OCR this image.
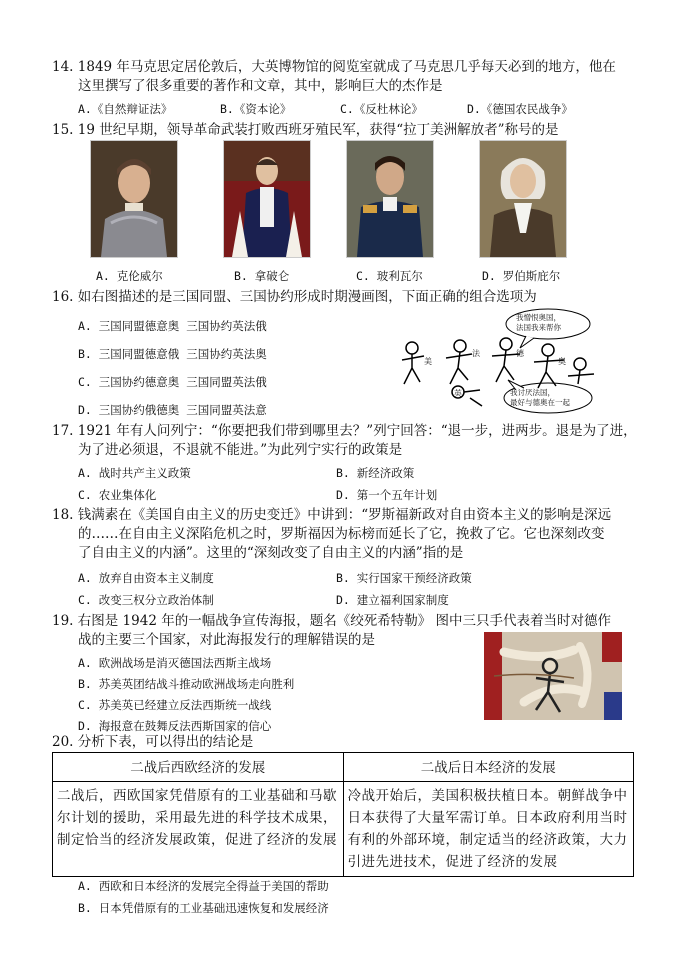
14. 1849 年马克思定居伦敦后，大英博物馆的阅览室就成了马克思几乎每天必到的地方，他在
这里撰写了很多重要的著作和文章，其中，影响巨大的杰作是
A.《自然辩证法》	B.《资本论》	C.《反杜林论》	D.《德国农民战争》
15. 19 世纪早期，领导革命武装打败西班牙殖民军，获得“拉丁美洲解放者”称号的是
A. 克伦威尔	B. 拿破仑	C. 玻利瓦尔	D. 罗伯斯庇尔
16. 如右图描述的是三国同盟、三国协约形成时期漫画图，下面正确的组合选项为
A. 三国同盟德意奥 三国协约英法俄
B. 三国同盟德意俄 三国协约英法奥
C. 三国协约德意奥 三国同盟英法俄
D. 三国协约俄德奥 三国同盟英法意
我憎恨奥国，
法国我来帮你
我讨厌法国，
最好与德奥在一起
美
法	德
奥
英
17. 1921 年有人问列宁：“你要把我们带到哪里去？”列宁回答：“退一步，进两步。退是为了进，
为了进必须退，不退就不能进。”为此列宁实行的政策是
A. 战时共产主义政策	B. 新经济政策
C. 农业集体化	D. 第一个五年计划
18. 钱满素在《美国自由主义的历史变迁》中讲到：“罗斯福新政对自由资本主义的影响是深远
的……在自由主义深陷危机之时，罗斯福因为标榜而延长了它，挽救了它。它也深刻改变
了自由主义的内涵”。这里的“深刻改变了自由主义的内涵”指的是
A. 放弃自由资本主义制度	B. 实行国家干预经济政策
C. 改变三权分立政治体制	D. 建立福利国家制度
19. 右图是 1942 年的一幅战争宣传海报，题名《绞死希特勒》 图中三只手代表着当时对德作
战的主要三个国家，对此海报发行的理解错误的是
A. 欧洲战场是消灭德国法西斯主战场
B. 苏美英团结战斗推动欧洲战场走向胜利
C. 苏美英已经建立反法西斯统一战线
D. 海报意在鼓舞反法西斯国家的信心
20. 分析下表，可以得出的结论是
二战后西欧经济的发展	二战后日本经济的发展
二战后，西欧国家凭借原有的工业基础和马歇尔计划的援助，采用最先进的科学技术成果，制定恰当的经济发展政策，促进了经济的发展	冷战开始后，美国积极扶植日本。朝鲜战争中日本获得了大量军需订单。日本政府利用当时有利的外部环境，制定适当的经济政策，大力引进先进技术，促进了经济的发展
A. 西欧和日本经济的发展完全得益于美国的帮助
B. 日本凭借原有的工业基础迅速恢复和发展经济
